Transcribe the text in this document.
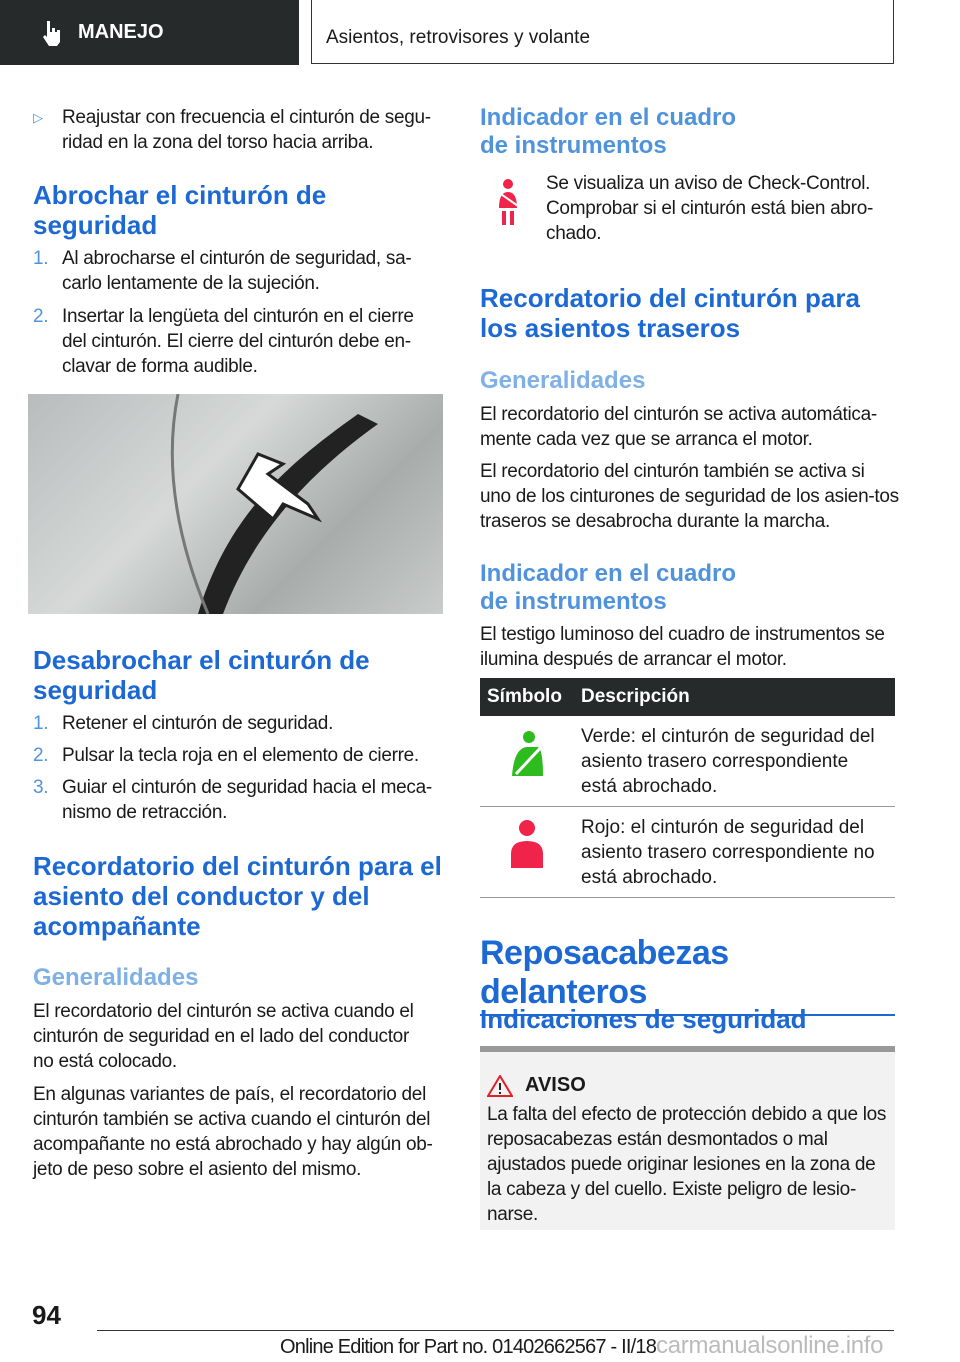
MANEJO	Asientos, retrovisores y volante
▷	Reajustar con frecuencia el cinturón de segu-ridad en la zona del torso hacia arriba.
Abrochar el cinturón de seguridad
1. Al abrocharse el cinturón de seguridad, sa-carlo lentamente de la sujeción.
2. Insertar la lengüeta del cinturón en el cierre del cinturón. El cierre del cinturón debe en-clavar de forma audible.
Desabrochar el cinturón de seguridad
1. Retener el cinturón de seguridad.
2. Pulsar la tecla roja en el elemento de cierre.
3. Guiar el cinturón de seguridad hacia el meca-nismo de retracción.
Recordatorio del cinturón para el asiento del conductor y del acompañante
Generalidades
El recordatorio del cinturón se activa cuando el cinturón de seguridad en el lado del conductor no está colocado.
En algunas variantes de país, el recordatorio del cinturón también se activa cuando el cinturón del acompañante no está abrochado y hay algún ob-jeto de peso sobre el asiento del mismo.
Indicador en el cuadro de instrumentos
Se visualiza un aviso de Check-Control. Comprobar si el cinturón está bien abro-chado.
Recordatorio del cinturón para los asientos traseros
Generalidades
El recordatorio del cinturón se activa automática-mente cada vez que se arranca el motor.
El recordatorio del cinturón también se activa si uno de los cinturones de seguridad de los asien-tos traseros se desabrocha durante la marcha.
Indicador en el cuadro de instrumentos
El testigo luminoso del cuadro de instrumentos se ilumina después de arrancar el motor.
Símbolo	Descripción
	Verde: el cinturón de seguridad del asiento trasero correspondiente está abrochado.
	Rojo: el cinturón de seguridad del asiento trasero correspondiente no está abrochado.
Reposacabezas delanteros
Indicaciones de seguridad
AVISO
La falta del efecto de protección debido a que los reposacabezas están desmontados o mal ajustados puede originar lesiones en la zona de la cabeza y del cuello. Existe peligro de lesio-narse.
94
Online Edition for Part no. 01402662567 - II/18carmanualsonline.info
